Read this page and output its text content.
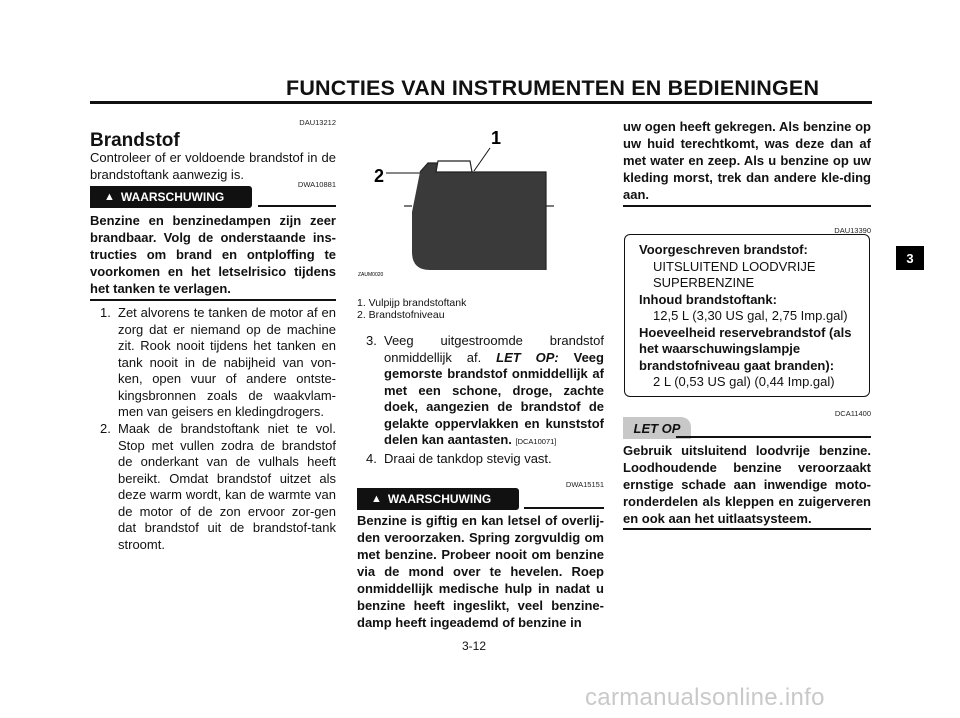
FUNCTIES VAN INSTRUMENTEN EN BEDIENINGEN
3
DAU13212
Brandstof
Controleer of er voldoende brandstof in de brandstoftank aanwezig is.
DWA10881
▲ WAARSCHUWING
Benzine en benzinedampen zijn zeer brandbaar. Volg de onderstaande ins-tructies om brand en ontploffing te voorkomen en het letselrisico tijdens het tanken te verlagen.
1. Zet alvorens te tanken de motor af en zorg dat er niemand op de machine zit. Rook nooit tijdens het tanken en tank nooit in de nabijheid van von-ken, open vuur of andere ontste-kingsbronnen zoals de waakvlam-men van geisers en kledingdrogers.
2. Maak de brandstoftank niet te vol. Stop met vullen zodra de brandstof de onderkant van de vulhals heeft bereikt. Omdat brandstof uitzet als deze warm wordt, kan de warmte van de motor of de zon ervoor zor-gen dat brandstof uit de brandstof-tank stroomt.
1
2
ZAUM0020
1. Vulpijp brandstoftank
2. Brandstofniveau
3. Veeg uitgestroomde brandstof onmiddellijk af. LET OP: Veeg gemorste brandstof onmiddellijk af met een schone, droge, zachte doek, aangezien de brandstof de gelakte oppervlakken en kunststof delen kan aantasten. [DCA10071]
4. Draai de tankdop stevig vast.
DWA15151
▲ WAARSCHUWING
Benzine is giftig en kan letsel of overlij-den veroorzaken. Spring zorgvuldig om met benzine. Probeer nooit om benzine via de mond over te hevelen. Roep onmiddellijk medische hulp in nadat u benzine heeft ingeslikt, veel benzine-damp heeft ingeademd of benzine in
uw ogen heeft gekregen. Als benzine op uw huid terechtkomt, was deze dan af met water en zeep. Als u benzine op uw kleding morst, trek dan andere kle-ding aan.
DAU13390
Voorgeschreven brandstof:
UITSLUITEND LOODVRIJE
SUPERBENZINE
Inhoud brandstoftank:
12,5 L (3,30 US gal, 2,75 Imp.gal)
Hoeveelheid reservebrandstof (als
het waarschuwingslampje
brandstofniveau gaat branden):
2 L (0,53 US gal) (0,44 Imp.gal)
DCA11400
LET OP
Gebruik uitsluitend loodvrije benzine. Loodhoudende benzine veroorzaakt ernstige schade aan inwendige moto-ronderdelen als kleppen en zuigerveren en ook aan het uitlaatsysteem.
3-12
carmanualsonline.info
